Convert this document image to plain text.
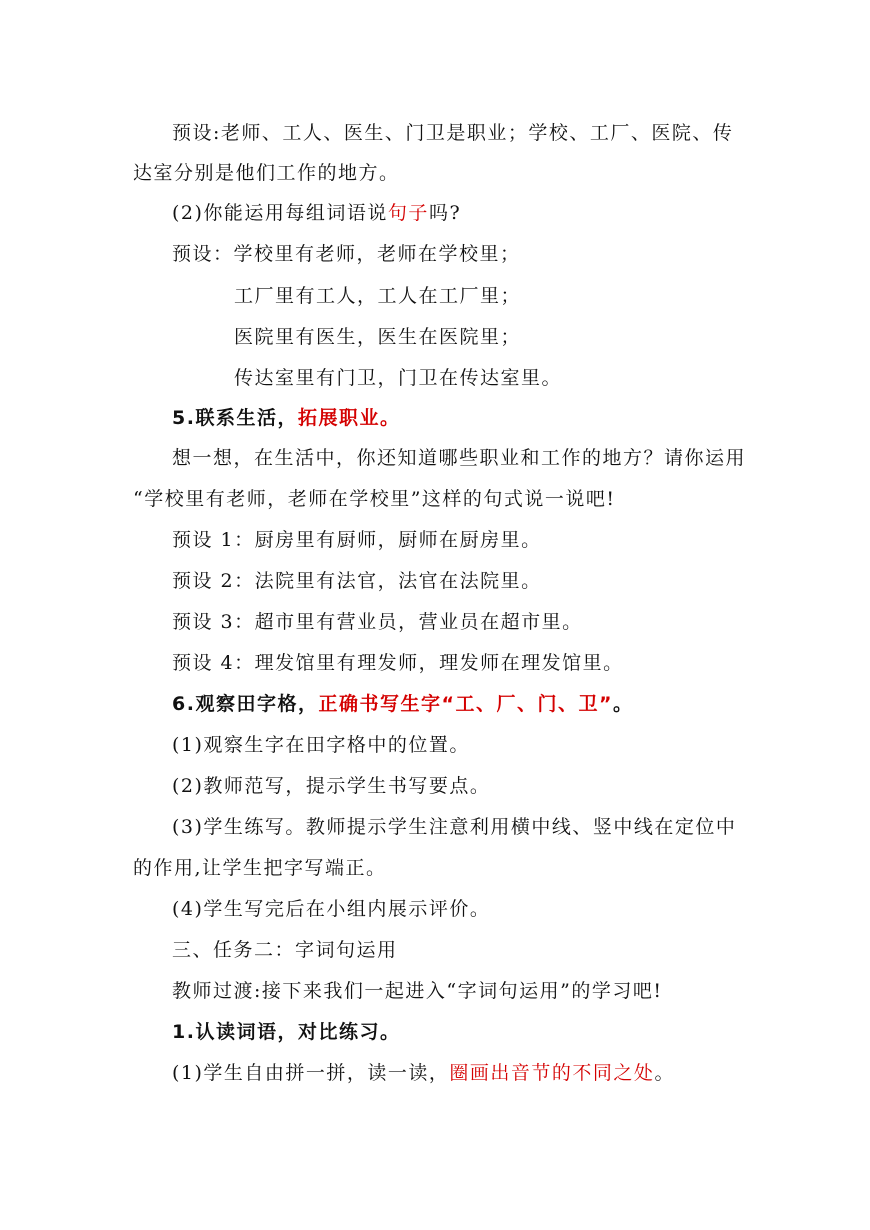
预设:老师、工人、医生、门卫是职业；学校、工厂、医院、传
达室分别是他们工作的地方。
(2)你能运用每组词语说句子吗?
预设：学校里有老师，老师在学校里；
工厂里有工人，工人在工厂里；
医院里有医生，医生在医院里；
传达室里有门卫，门卫在传达室里。
5.联系生活，拓展职业。
想一想，在生活中，你还知道哪些职业和工作的地方？请你运用
“学校里有老师，老师在学校里”这样的句式说一说吧!
预设 1：厨房里有厨师，厨师在厨房里。
预设 2：法院里有法官，法官在法院里。
预设 3：超市里有营业员，营业员在超市里。
预设 4：理发馆里有理发师，理发师在理发馆里。
6.观察田字格，正确书写生字“工、厂、门、卫”。
(1)观察生字在田字格中的位置。
(2)教师范写，提示学生书写要点。
(3)学生练写。教师提示学生注意利用横中线、竖中线在定位中
的作用,让学生把字写端正。
(4)学生写完后在小组内展示评价。
三、任务二：字词句运用
教师过渡:接下来我们一起进入“字词句运用”的学习吧!
1.认读词语，对比练习。
(1)学生自由拼一拼，读一读，圈画出音节的不同之处。
